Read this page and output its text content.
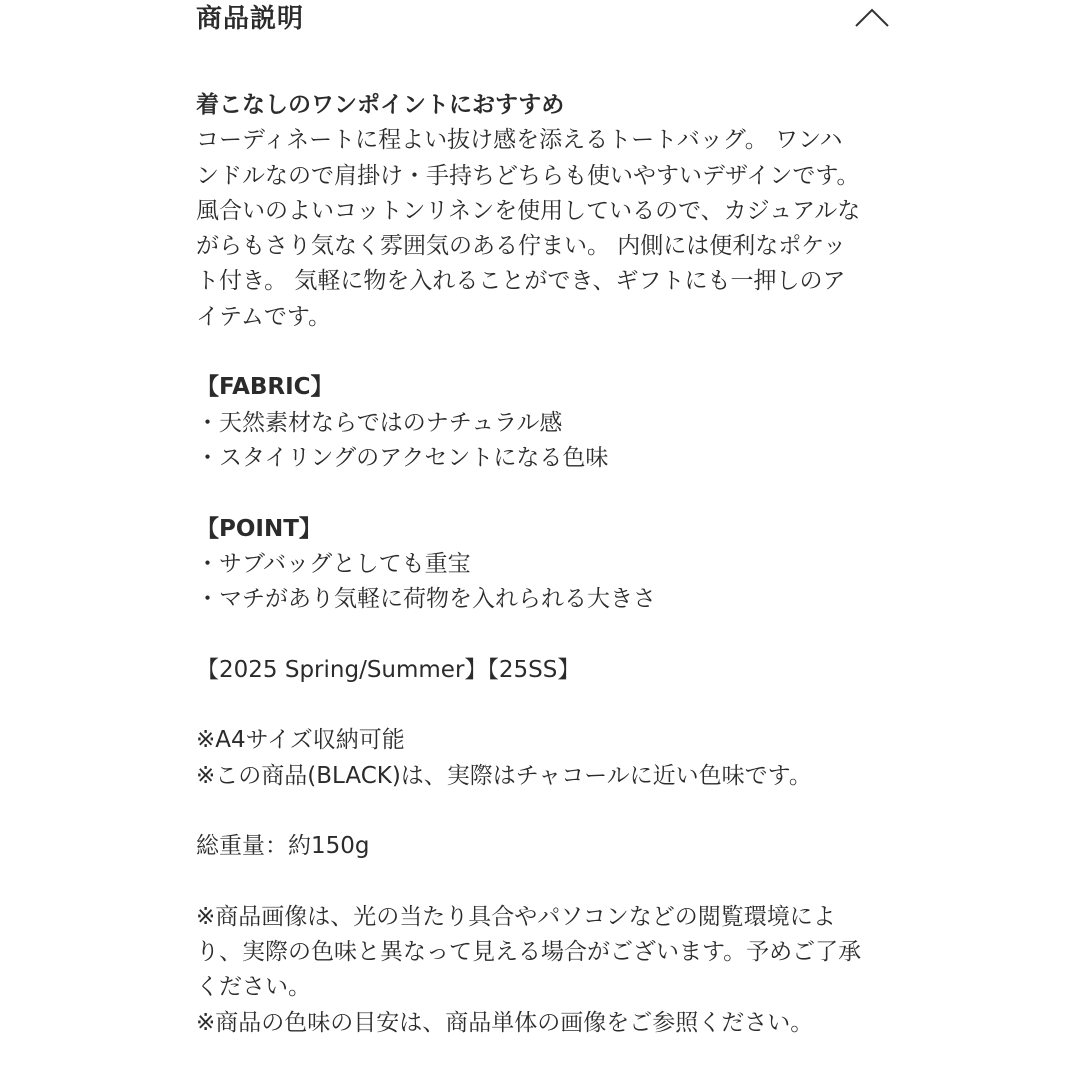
商品説明

着こなしのワンポイントにおすすめ

コーディネートに程よい抜け感を添えるトートバッグ。 ワンハ

ンドルなので肩掛け・手持ちどちらも使いやすいデザインです。

風合いのよいコットンリネンを使用しているので、カジュアルな

がらもさり気なく雰囲気のある佇まい。 内側には便利なポケッ

ト付き。 気軽に物を入れることができ、ギフトにも一押しのア

イテムです。

【FABRIC】

・天然素材ならではのナチュラル感

・スタイリングのアクセントになる色味

【POINT】

・サブバッグとしても重宝

・マチがあり気軽に荷物を入れられる大きさ

【2025 Spring/Summer】【25SS】

※A4サイズ収納可能

※この商品(BLACK)は、実際はチャコールに近い色味です。

総重量：約150g

※商品画像は、光の当たり具合やパソコンなどの閲覧環境によ

り、実際の色味と異なって見える場合がございます。予めご了承

ください。

※商品の色味の目安は、商品単体の画像をご参照ください。
